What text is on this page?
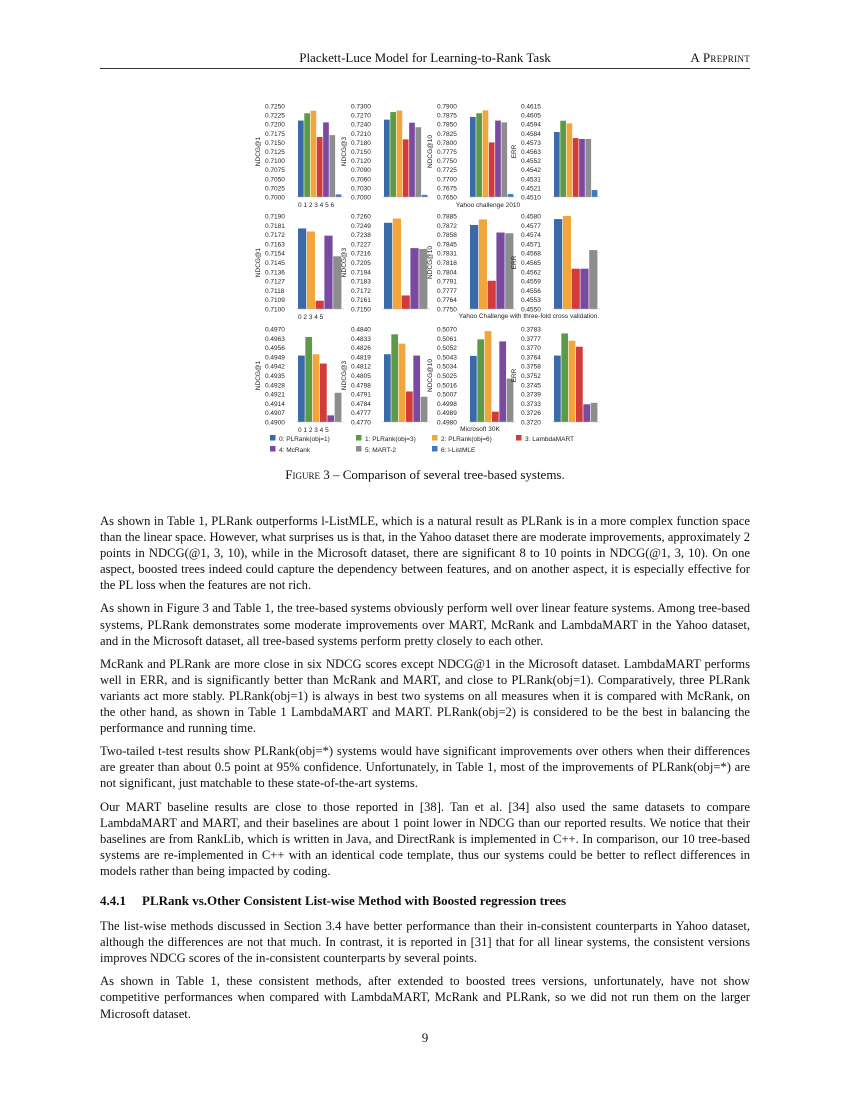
Plackett-Luce Model for Learning-to-Rank Task	A Preprint
0.7250
0.7225
0.7200
0.7175
0.7150
0.7125
0.7100
0.7075
0.7050
0.7025
0.7000
NDCG@1
0.7300
0.7270
0.7240
0.7210
0.7180
0.7150
0.7120
0.7090
0.7060
0.7030
0.7000
NDCG@3
0.7900
0.7875
0.7850
0.7825
0.7800
0.7775
0.7750
0.7725
0.7700
0.7675
0.7650
NDCG@10
0.4615
0.4605
0.4594
0.4584
0.4573
0.4563
0.4552
0.4542
0.4531
0.4521
0.4510
ERR
0 1 2 3 4 5 6	Yahoo challenge 2010
0.7190
0.7181
0.7172
0.7163
0.7154
0.7145
0.7136
0.7127
0.7118
0.7109
0.7100
NDCG@1
0.7260
0.7249
0.7238
0.7227
0.7216
0.7205
0.7194
0.7183
0.7172
0.7161
0.7150
NDCG@3
0.7885
0.7872
0.7858
0.7845
0.7831
0.7818
0.7804
0.7791
0.7777
0.7764
0.7750
NDCG@10
0.4580
0.4577
0.4574
0.4571
0.4568
0.4565
0.4562
0.4559
0.4556
0.4553
0.4550
ERR
0 2 3 4 5	Yahoo Challenge with three-fold cross validation.
0.4970
0.4963
0.4956
0.4949
0.4942
0.4935
0.4928
0.4921
0.4914
0.4907
0.4900
NDCG@1
0.4840
0.4833
0.4826
0.4819
0.4812
0.4805
0.4798
0.4791
0.4784
0.4777
0.4770
NDCG@3
0.5070
0.5061
0.5052
0.5043
0.5034
0.5025
0.5016
0.5007
0.4998
0.4989
0.4980
NDCG@10
0.3783
0.3777
0.3770
0.3764
0.3758
0.3752
0.3745
0.3739
0.3733
0.3726
0.3720
ERR
0 1 2 3 4 5	Microsoft 30K
0: PLRank(obj=1)	1: PLRank(obj=3)	2: PLRank(obj=6)	3: LambdaMART
4: McRank	5: MART-2	6: l-ListMLE
Figure 3 – Comparison of several tree-based systems.

As shown in Table 1, PLRank outperforms l-ListMLE, which is a natural result as PLRank is in a more complex function space than the linear space. However, what surprises us is that, in the Yahoo dataset there are moderate improvements, approximately 2 points in NDCG(@1, 3, 10), while in the Microsoft dataset, there are significant 8 to 10 points in NDCG(@1, 3, 10). On one aspect, boosted trees indeed could capture the dependency between features, and on another aspect, it is especially effective for the PL loss when the features are not rich.

As shown in Figure 3 and Table 1, the tree-based systems obviously perform well over linear feature systems. Among tree-based systems, PLRank demonstrates some moderate improvements over MART, McRank and LambdaMART in the Yahoo dataset, and in the Microsoft dataset, all tree-based systems perform pretty closely to each other.

McRank and PLRank are more close in six NDCG scores except NDCG@1 in the Microsoft dataset. LambdaMART performs well in ERR, and is significantly better than McRank and MART, and close to PLRank(obj=1). Comparatively, three PLRank variants act more stably. PLRank(obj=1) is always in best two systems on all measures when it is compared with McRank, on the other hand, as shown in Table 1 LambdaMART and MART. PLRank(obj=2) is considered to be the best in balancing the performance and running time.

Two-tailed t-test results show PLRank(obj=*) systems would have significant improvements over others when their differences are greater than about 0.5 point at 95% confidence. Unfortunately, in Table 1, most of the improvements of PLRank(obj=*) are not significant, just matchable to these state-of-the-art systems.

Our MART baseline results are close to those reported in [38]. Tan et al. [34] also used the same datasets to compare LambdaMART and MART, and their baselines are about 1 point lower in NDCG than our reported results. We notice that their baselines are from RankLib, which is written in Java, and DirectRank is implemented in C++. In comparison, our 10 tree-based systems are re-implemented in C++ with an identical code template, thus our systems could be better to reflect differences in models rather than being impacted by coding.

4.4.1 PLRank vs.Other Consistent List-wise Method with Boosted regression trees

The list-wise methods discussed in Section 3.4 have better performance than their in-consistent counterparts in Yahoo dataset, although the differences are not that much. In contrast, it is reported in [31] that for all linear systems, the consistent versions improves NDCG scores of the in-consistent counterparts by several points.

As shown in Table 1, these consistent methods, after extended to boosted trees versions, unfortunately, have not show competitive performances when compared with LambdaMART, McRank and PLRank, so we did not run them on the larger Microsoft dataset.

9
